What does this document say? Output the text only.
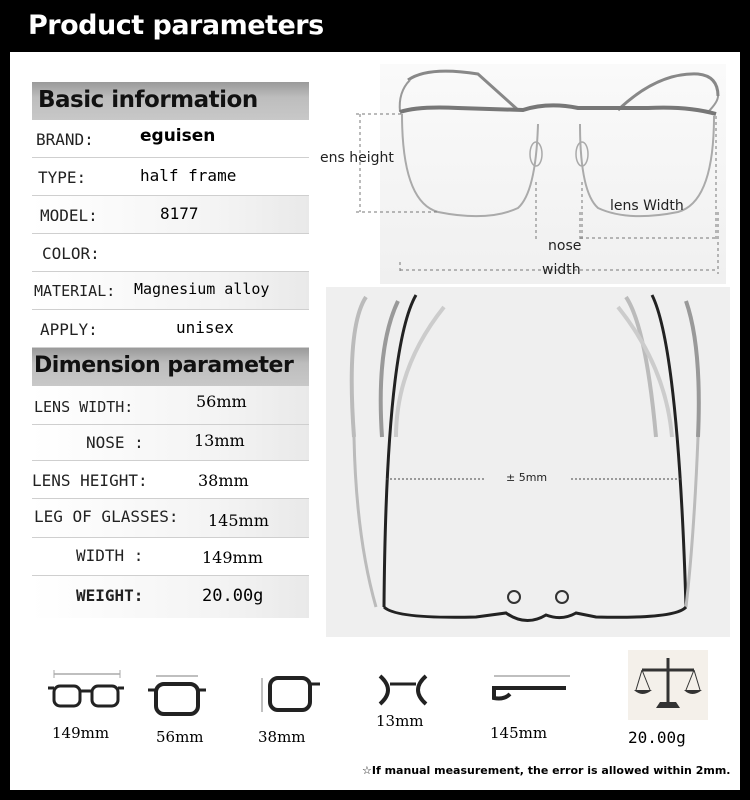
Product parameters
Basic information
BRAND:	eguisen
TYPE:	half frame
MODEL:	8177
COLOR:
MATERIAL: Magnesium alloy
APPLY:	unisex
Dimension parameter
LENS WIDTH:	56mm
NOSE :	13mm
LENS HEIGHT:	38mm
LEG OF GLASSES: 145mm
WIDTH :	149mm
WEIGHT:	20.00g
ens height
lens Width
nose
width
± 5mm
149mm	56mm	38mm
13mm
145mm	20.00g
☆If manual measurement, the error is allowed within 2mm.
